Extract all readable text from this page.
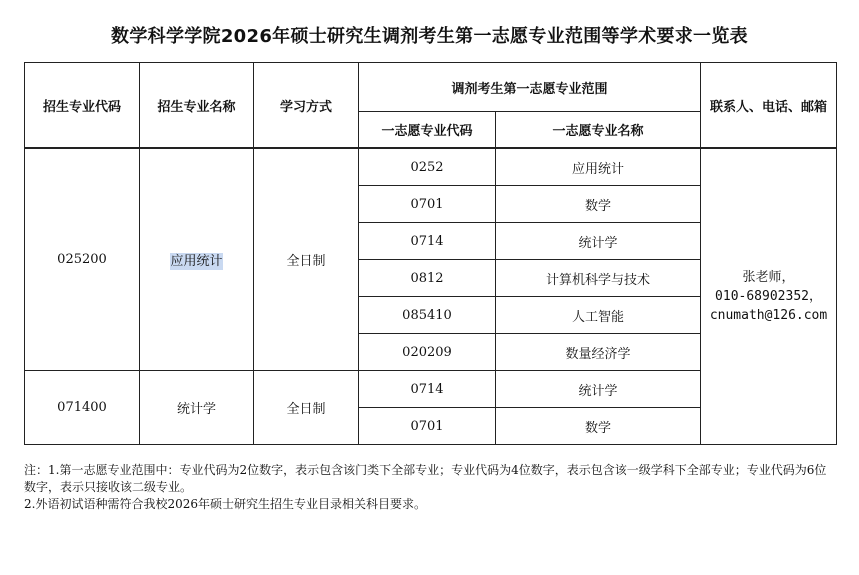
数学科学学院2026年硕士研究生调剂考生第一志愿专业范围等学术要求一览表
招生专业代码	招生专业名称	学习方式	调剂考生第一志愿专业范围		联系人、电话、邮箱
			一志愿专业代码	一志愿专业名称	
025200	应用统计	全日制	0252	应用统计	张老师，
010-68902352，
cnumath@126.com

			0701	数学	
			0714	统计学	
			0812	计算机科学与技术	
			085410	人工智能	
			020209	数量经济学	
071400	统计学	全日制	0714	统计学	
			0701	数学	
注：1.第一志愿专业范围中：专业代码为2位数字，表示包含该门类下全部专业；专业代码为4位数字，表示包含该一级学科下全部专业；专业代码为6位数字，表示只接收该二级专业。
2.外语初试语种需符合我校2026年硕士研究生招生专业目录相关科目要求。
